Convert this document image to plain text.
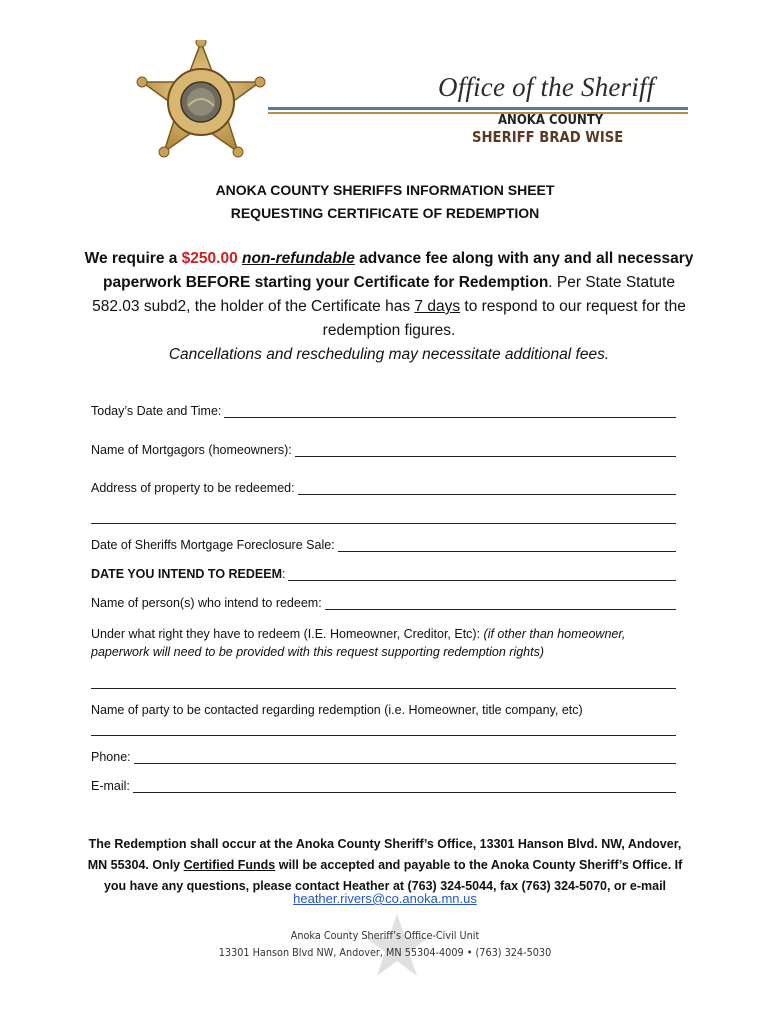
Office of the Sheriff
ANOKA COUNTY
SHERIFF BRAD WISE
ANOKA COUNTY SHERIFFS INFORMATION SHEET
REQUESTING CERTIFICATE OF REDEMPTION
We require a $250.00 non-refundable advance fee along with any and all necessary paperwork BEFORE starting your Certificate for Redemption. Per State Statute 582.03 subd2, the holder of the Certificate has 7 days to respond to our request for the redemption figures.
Cancellations and rescheduling may necessitate additional fees.
Today’s Date and Time:
Name of Mortgagors (homeowners):
Address of property to be redeemed:
Date of Sheriffs Mortgage Foreclosure Sale:
DATE YOU INTEND TO REDEEM :
Name of person(s) who intend to redeem:
Under what right they have to redeem (I.E. Homeowner, Creditor, Etc): (if other than homeowner, paperwork will need to be provided with this request supporting redemption rights)
Name of party to be contacted regarding redemption (i.e. Homeowner, title company, etc)
Phone:
E-mail:
The Redemption shall occur at the Anoka County Sheriff’s Office, 13301 Hanson Blvd. NW, Andover, MN 55304. Only Certified Funds will be accepted and payable to the Anoka County Sheriff’s Office. If you have any questions, please contact Heather at (763) 324-5044, fax (763) 324-5070, or e-mail
heather.rivers@co.anoka.mn.us
Anoka County Sheriff’s Office-Civil Unit
13301 Hanson Blvd NW, Andover, MN 55304-4009 • (763) 324-5030
